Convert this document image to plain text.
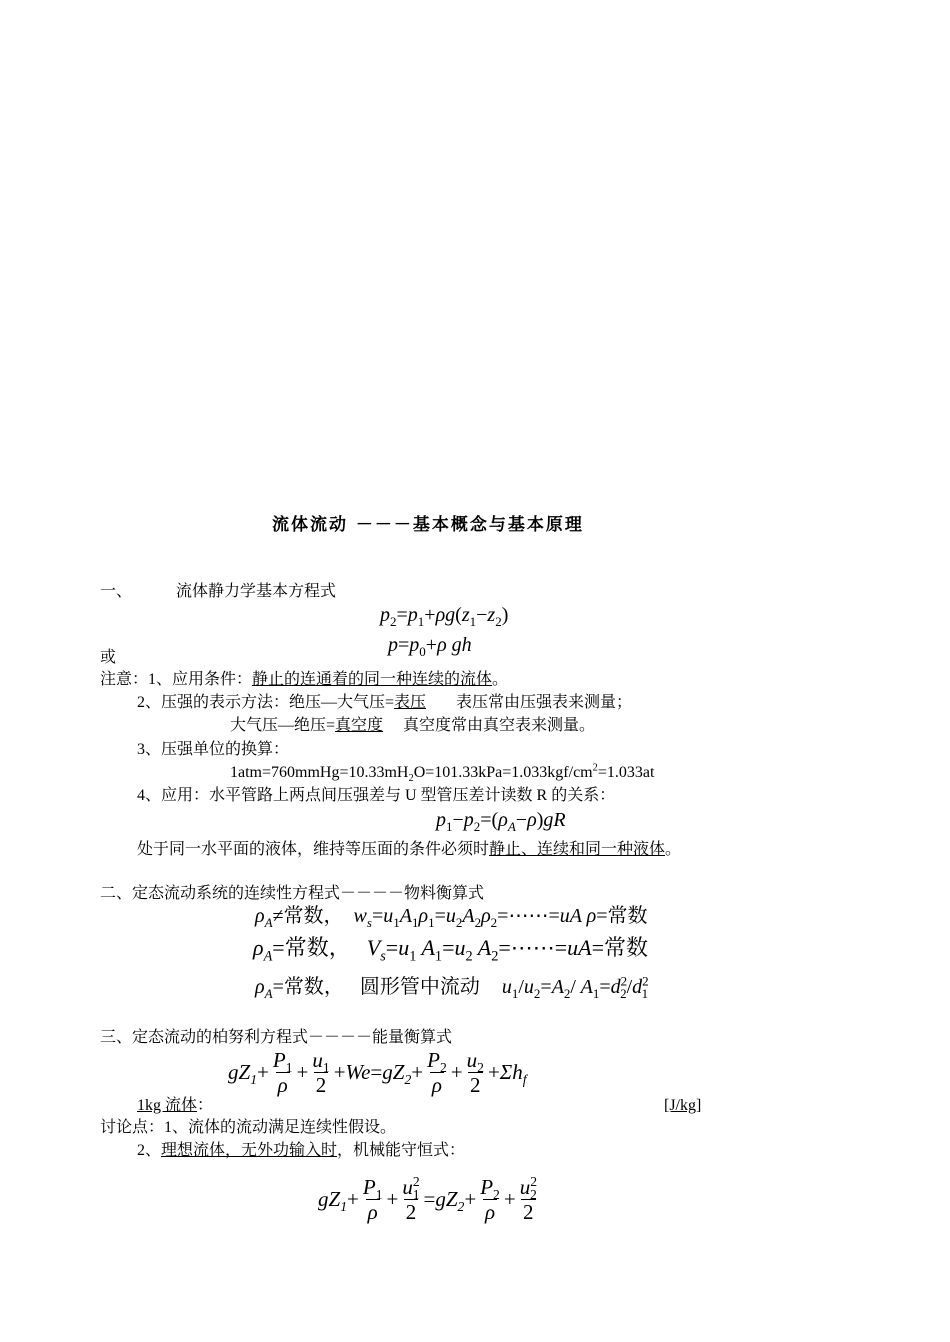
流体流动 －－－基本概念与基本原理
一、	流体静力学基本方程式
$p_2=p_1+\rho g(z_1-z_2)$
$p=p_0+\rho$ gh
或
注意：1、应用条件：静止的连通着的同一种连续的流体。
2、压强的表示方法：绝压—大气压=表压 表压常由压强表来测量；
大气压—绝压=真空度 真空度常由真空表来测量。
3、压强单位的换算：
$1atm=760mmHg=10.33mH_2O=101.33kPa=1.033kgf/cm^2=1.033at$
4、应用：水平管路上两点间压强差与 U 型管压差计读数 R 的关系：
$p_1-p_2=(\rho_A-\rho)gR$
处于同一水平面的液体，维持等压面的条件必须时静止、连续和同一种液体。
二、定态流动系统的连续性方程式－－－－物料衡算式
$\rho_A\ne$常数， $w_s=u_1A_1\rho_1=u_2A_2\rho_2=\cdots\cdots=uA$ ρ=常数
$\rho_A=$常数， $V_s=u_1$ $A_1=u_2$ $A_2=\cdots\cdots=uA=$常数
$\rho_A=$常数， 圆形管中流动 $u_1/u_2=A_2/$ $A_1=d^2_2/d^2_1$
三、定态流动的柏努利方程式－－－－能量衡算式
$gZ_1 + \frac{P_1}{\rho} + \frac{u_1}{2} + We = gZ_2 + \frac{P_2}{\rho} + \frac{u_2}{2} + \Sigma h_f$
1kg 流体：	[J/kg]
讨论点：1、流体的流动满足连续性假设。
2、理想流体，无外功输入时，机械能守恒式：
$gZ_1 + \frac{P_1}{\rho} + \frac{u^2_1}{2} = gZ_2 + \frac{P_2}{\rho} + \frac{u^2_2}{2}$
